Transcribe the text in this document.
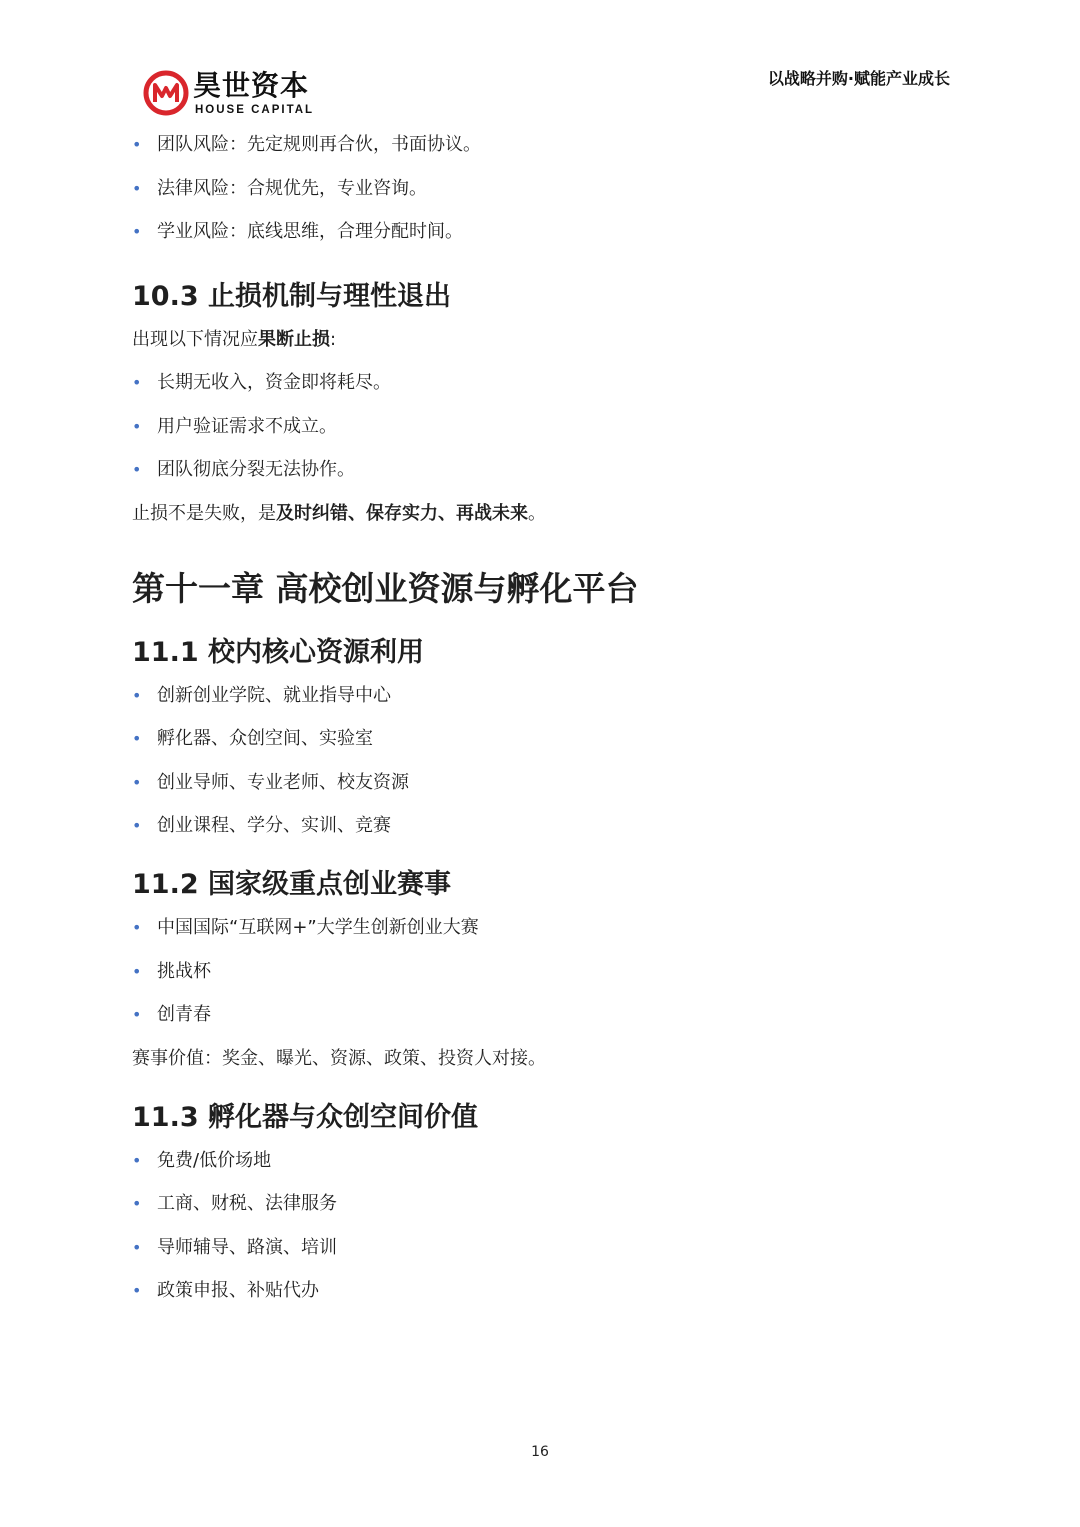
昊世资本
HOUSE CAPITAL
以战略并购·赋能产业成长
• 团队风险：先定规则再合伙，书面协议。
• 法律风险：合规优先，专业咨询。
• 学业风险：底线思维，合理分配时间。
10.3 止损机制与理性退出
出现以下情况应果断止损:
• 长期无收入，资金即将耗尽。
• 用户验证需求不成立。
• 团队彻底分裂无法协作。
止损不是失败，是及时纠错、保存实力、再战未来。
第十一章 高校创业资源与孵化平台
11.1 校内核心资源利用
• 创新创业学院、就业指导中心
• 孵化器、众创空间、实验室
• 创业导师、专业老师、校友资源
• 创业课程、学分、实训、竞赛
11.2 国家级重点创业赛事
• 中国国际“互联网+”大学生创新创业大赛
• 挑战杯
• 创青春
赛事价值：奖金、曝光、资源、政策、投资人对接。
11.3 孵化器与众创空间价值
• 免费/低价场地
• 工商、财税、法律服务
• 导师辅导、路演、培训
• 政策申报、补贴代办
16
